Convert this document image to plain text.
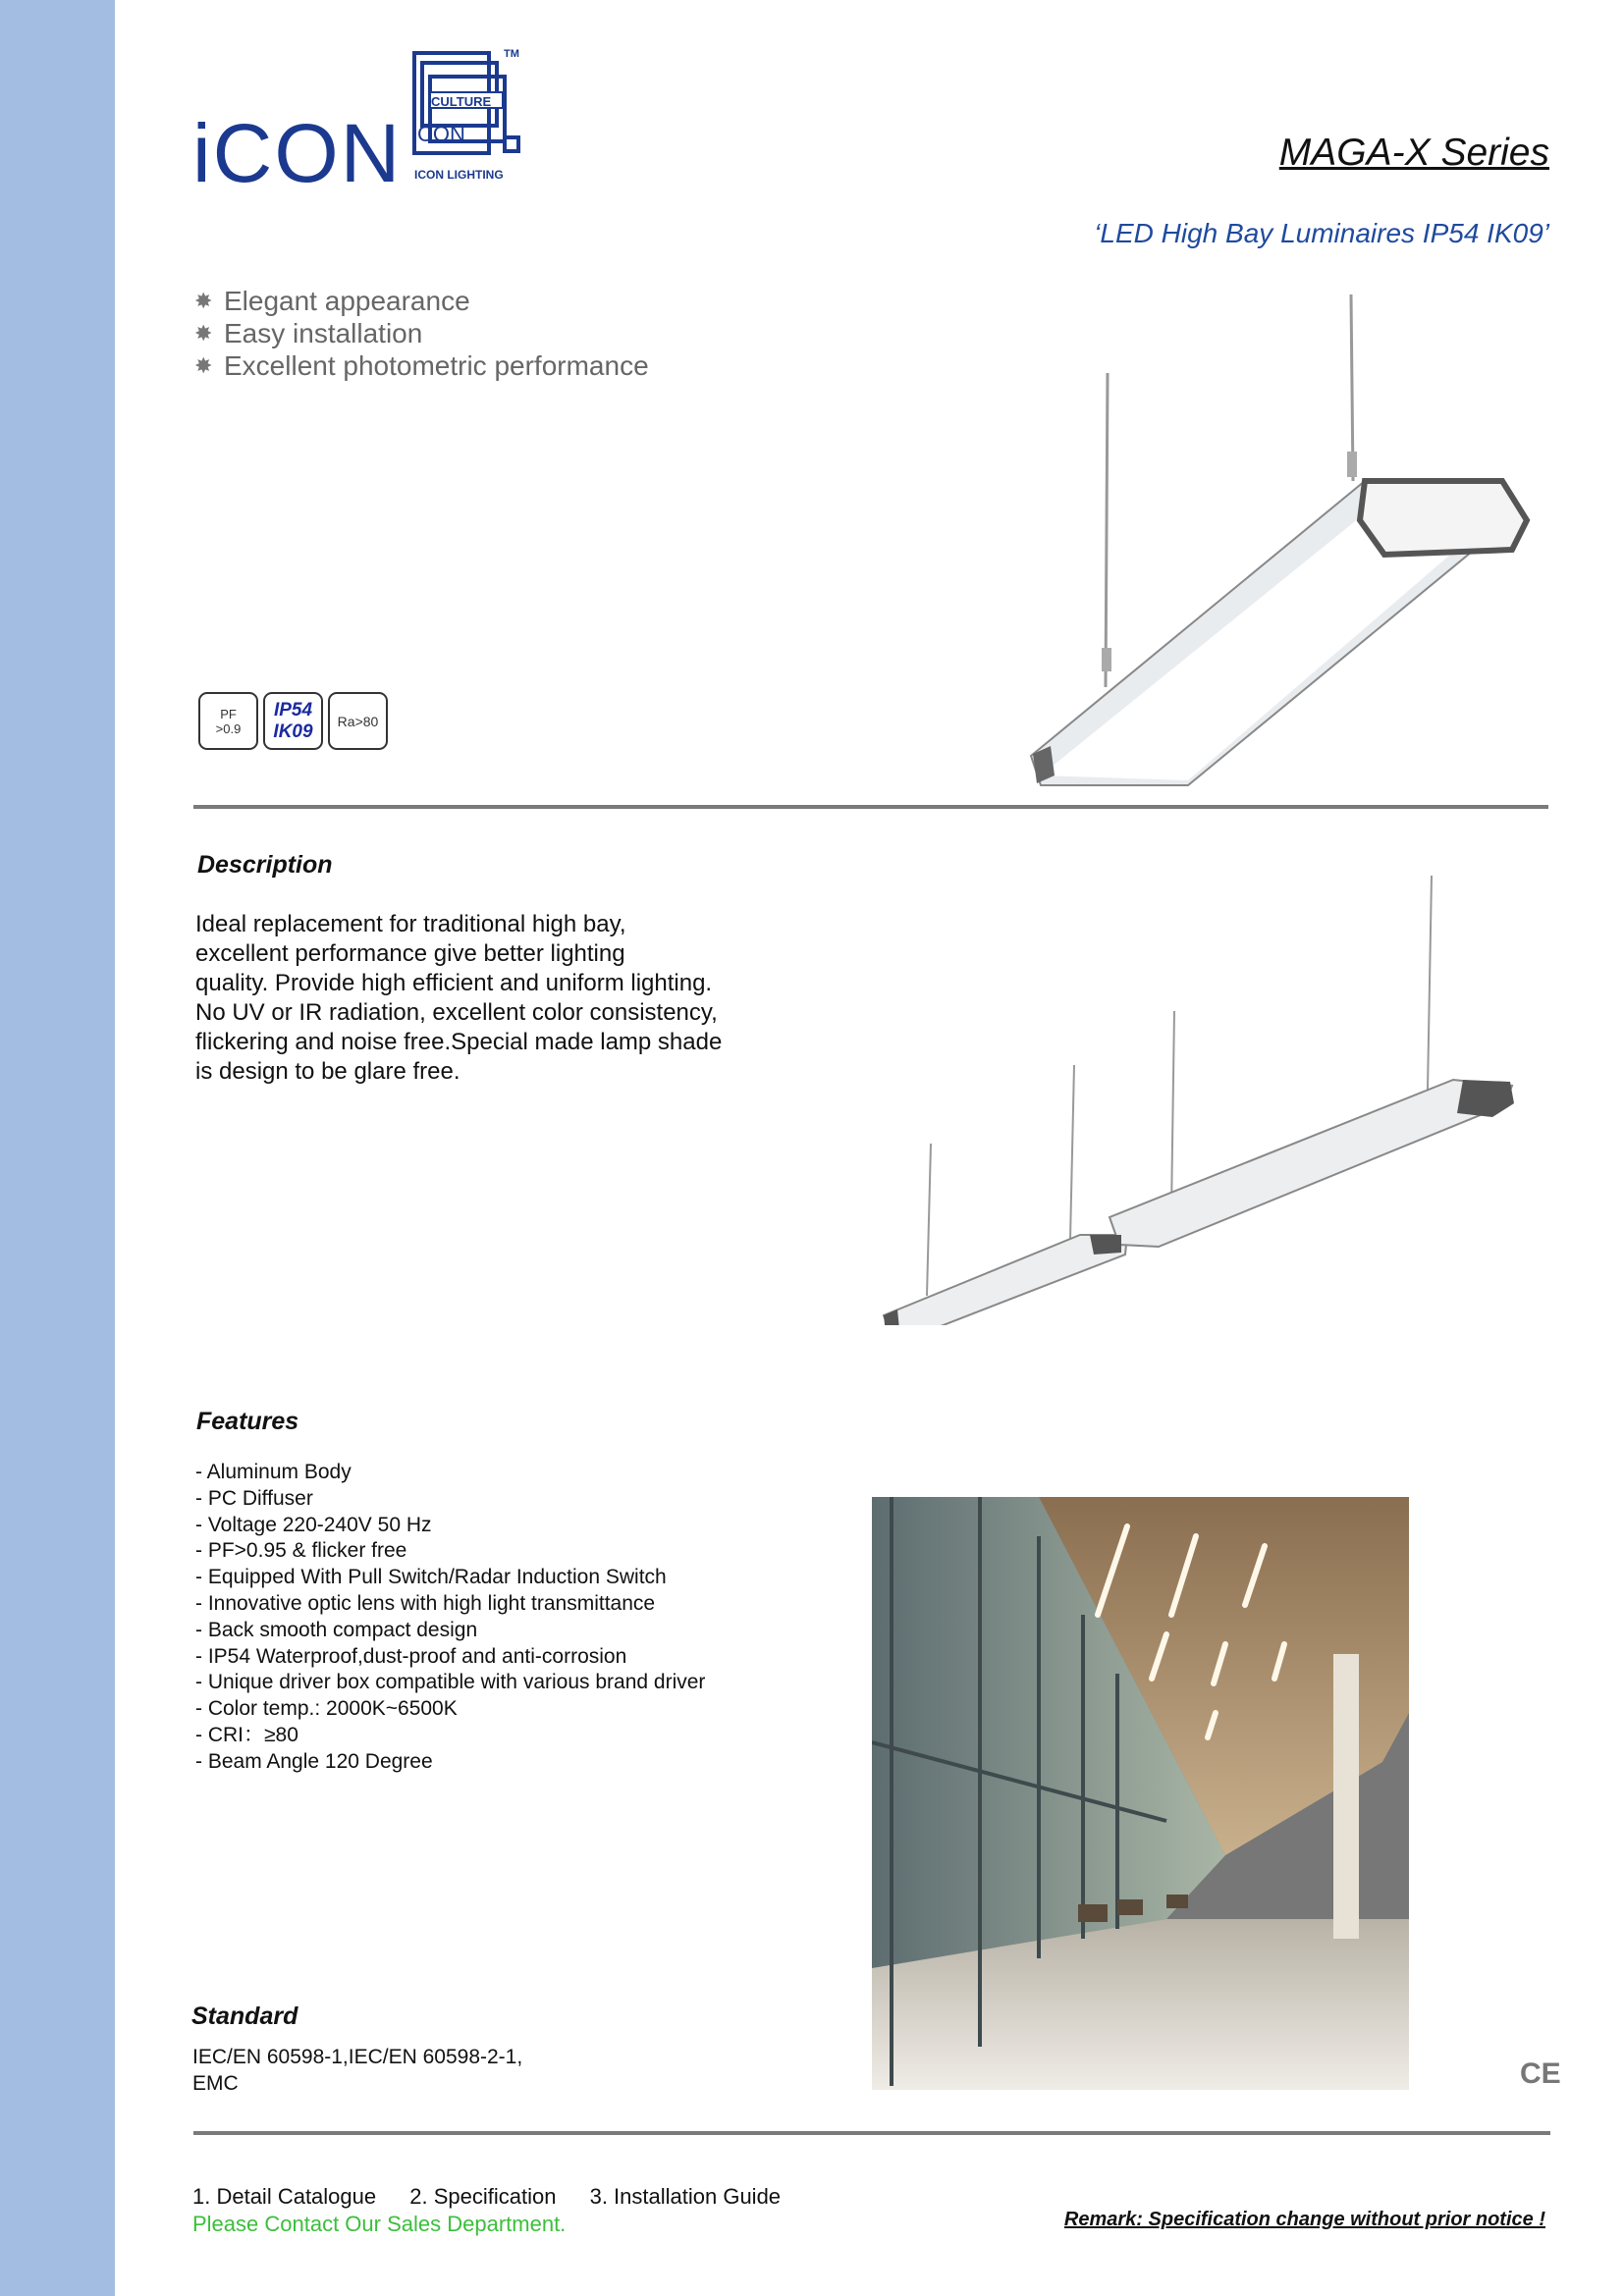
iCON
CULTURE
CON
ICON LIGHTING
TM
MAGA-X Series
‘LED High Bay Luminaires IP54 IK09’
✸ Elegant appearance
✸ Easy installation
✸ Excellent photometric performance
PF
>0.9
IP54
IK09 Ra>80
Description
Ideal replacement for traditional high bay,
excellent performance give better lighting
quality. Provide high efficient and uniform lighting.
No UV or IR radiation, excellent color consistency,
flickering and noise free.Special made lamp shade
is design to be glare free.
Features
- Aluminum Body
- PC Diffuser
- Voltage 220-240V 50 Hz
- PF>0.95 & flicker free
- Equipped With Pull Switch/Radar Induction Switch
- Innovative optic lens with high light transmittance
- Back smooth compact design
- IP54 Waterproof,dust-proof and anti-corrosion
- Unique driver box compatible with various brand driver
- Color temp.: 2000K~6500K
- CRI：≥80
- Beam Angle 120 Degree
Standard
IEC/EN 60598-1,IEC/EN 60598-2-1,
EMC	CE
1. Detail Catalogue 2. Specification 3. Installation Guide
Please Contact Our Sales Department.	Remark: Specification change without prior notice !
